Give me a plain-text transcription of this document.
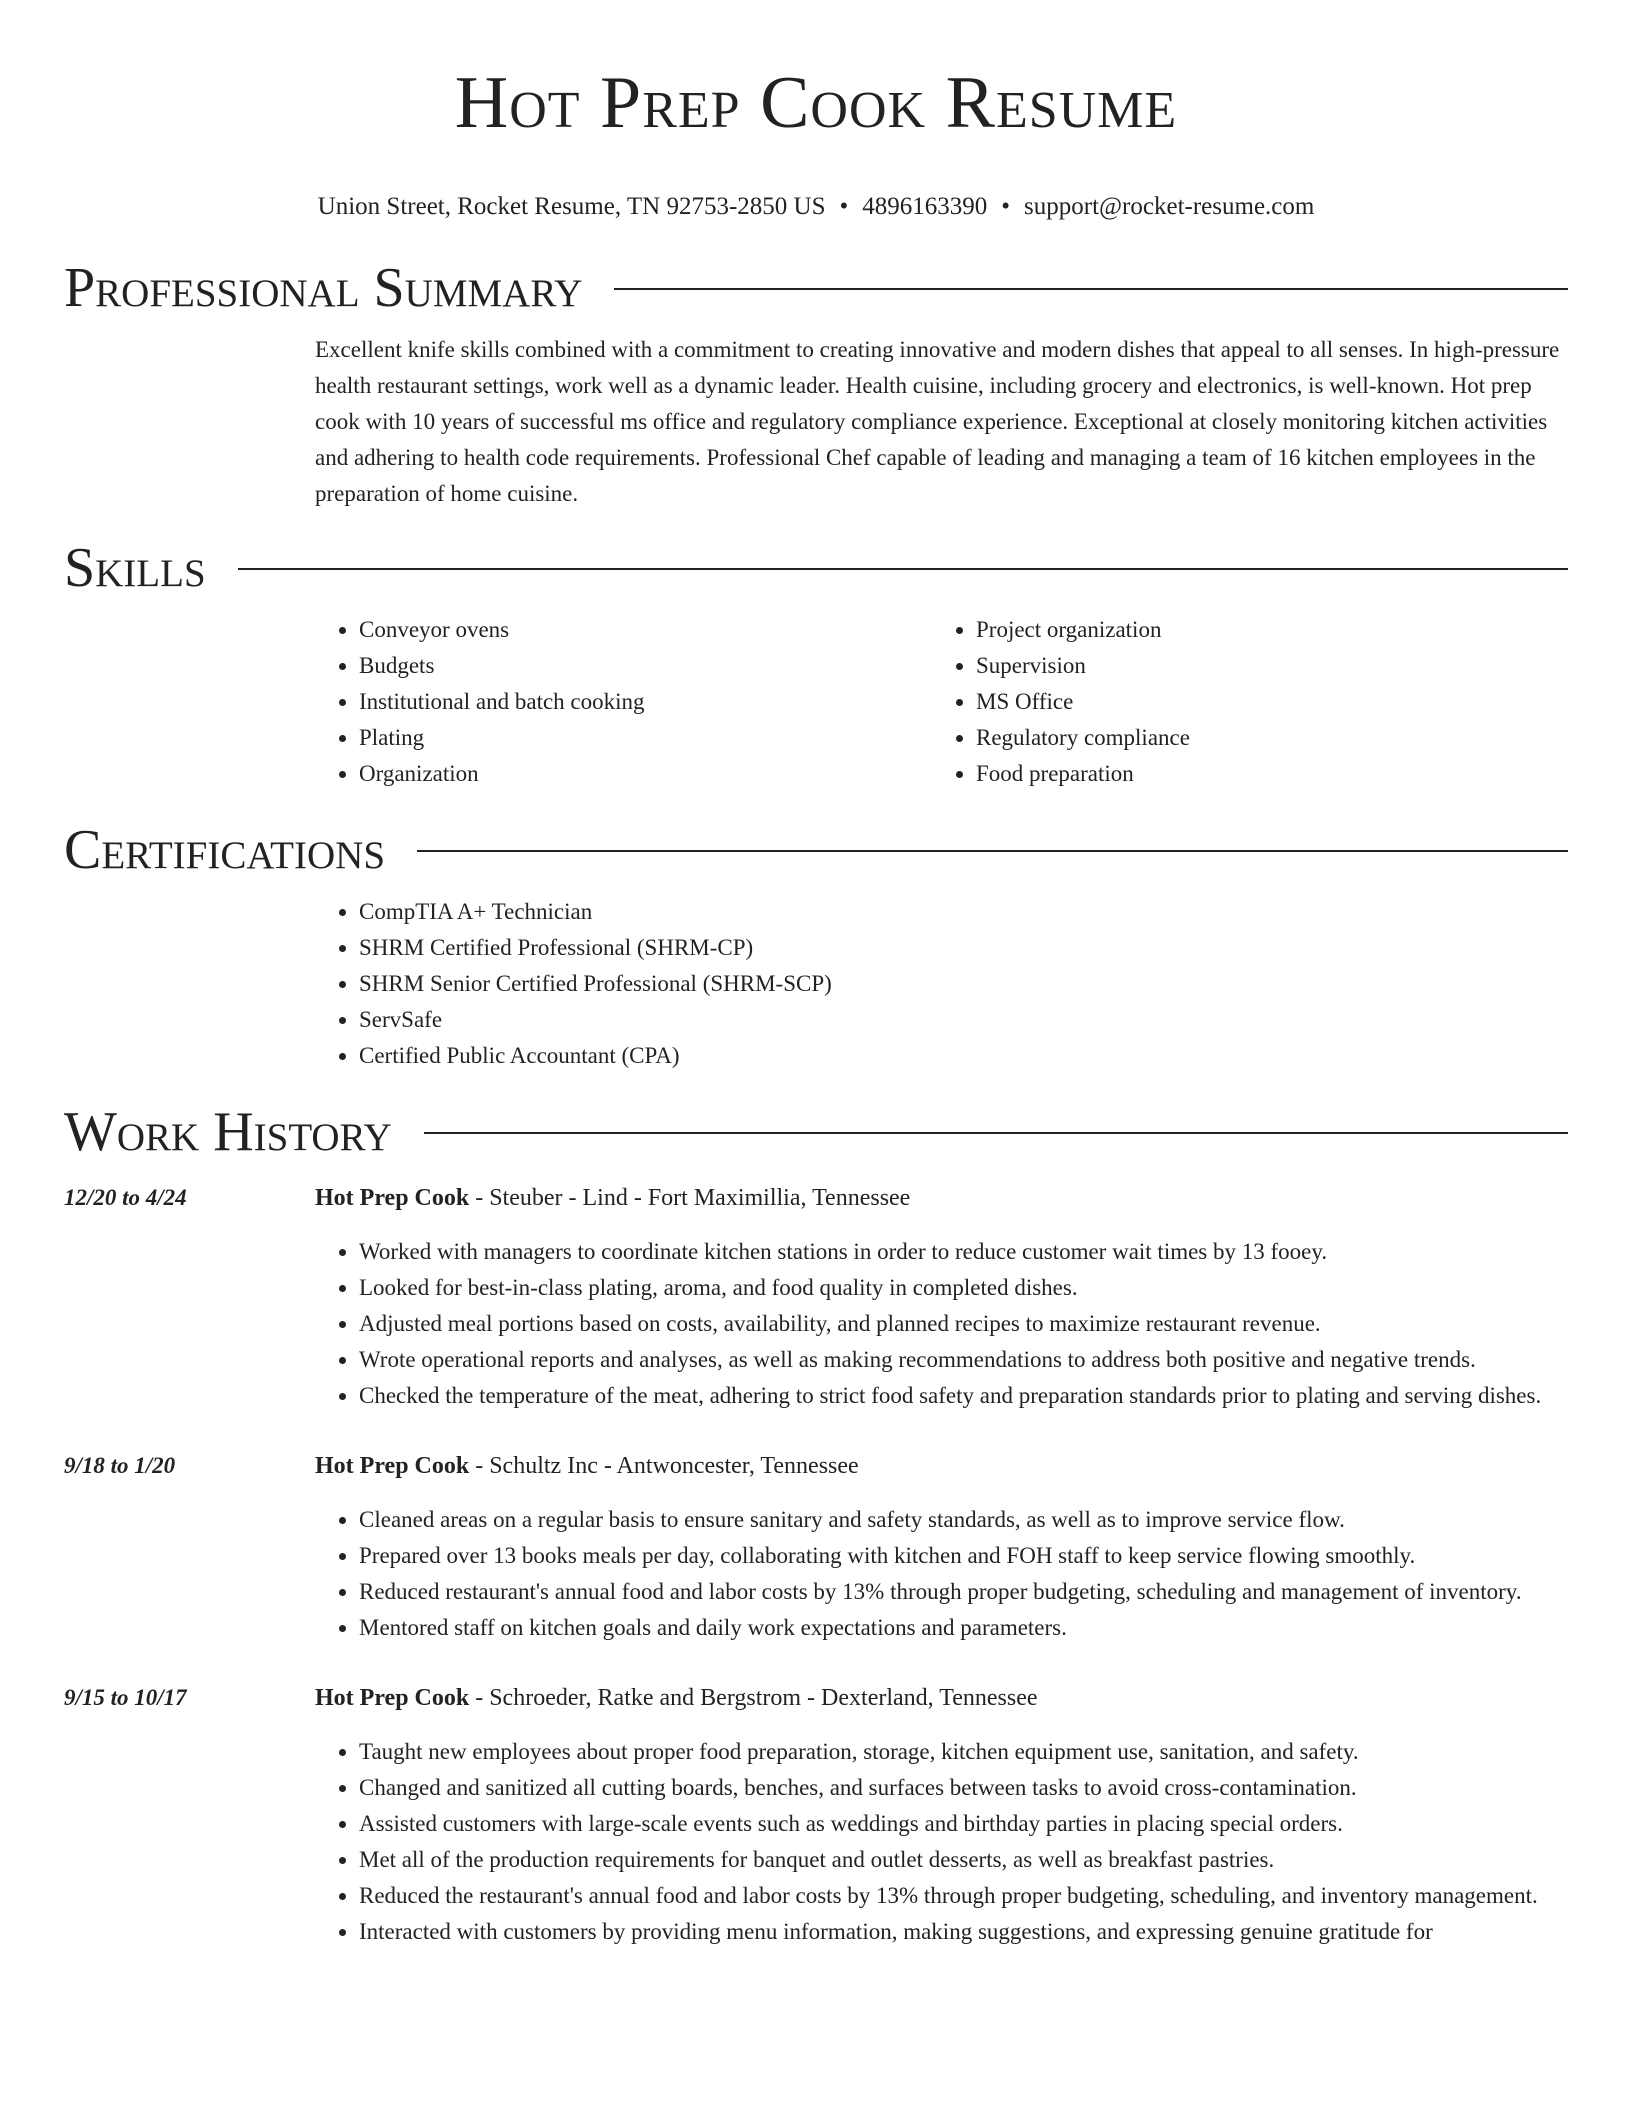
Hot Prep Cook Resume
Union Street, Rocket Resume, TN 92753-2850 US • 4896163390 • support@rocket-resume.com
Professional Summary

Excellent knife skills combined with a commitment to creating innovative and modern dishes that appeal to all senses. In high-pressure health restaurant settings, work well as a dynamic leader. Health cuisine, including grocery and electronics, is well-known. Hot prep cook with 10 years of successful ms office and regulatory compliance experience. Exceptional at closely monitoring kitchen activities and adhering to health code requirements. Professional Chef capable of leading and managing a team of 16 kitchen employees in the preparation of home cuisine.

Skills
• Conveyor ovens
• Budgets
• Institutional and batch cooking
• Plating
• Organization
• Project organization
• Supervision
• MS Office
• Regulatory compliance
• Food preparation
Certifications
• CompTIA A+ Technician
• SHRM Certified Professional (SHRM-CP)
• SHRM Senior Certified Professional (SHRM-SCP)
• ServSafe
• Certified Public Accountant (CPA)
Work History
12/20 to 4/24	Hot Prep Cook - Steuber - Lind - Fort Maximillia, Tennessee
• Worked with managers to coordinate kitchen stations in order to reduce customer wait times by 13 fooey.
• Looked for best-in-class plating, aroma, and food quality in completed dishes.
• Adjusted meal portions based on costs, availability, and planned recipes to maximize restaurant revenue.
• Wrote operational reports and analyses, as well as making recommendations to address both positive and negative trends.
• Checked the temperature of the meat, adhering to strict food safety and preparation standards prior to plating and serving dishes.
9/18 to 1/20	Hot Prep Cook - Schultz Inc - Antwoncester, Tennessee
• Cleaned areas on a regular basis to ensure sanitary and safety standards, as well as to improve service flow.
• Prepared over 13 books meals per day, collaborating with kitchen and FOH staff to keep service flowing smoothly.
• Reduced restaurant's annual food and labor costs by 13% through proper budgeting, scheduling and management of inventory.
• Mentored staff on kitchen goals and daily work expectations and parameters.
9/15 to 10/17	Hot Prep Cook - Schroeder, Ratke and Bergstrom - Dexterland, Tennessee
• Taught new employees about proper food preparation, storage, kitchen equipment use, sanitation, and safety.
• Changed and sanitized all cutting boards, benches, and surfaces between tasks to avoid cross-contamination.
• Assisted customers with large-scale events such as weddings and birthday parties in placing special orders.
• Met all of the production requirements for banquet and outlet desserts, as well as breakfast pastries.
• Reduced the restaurant's annual food and labor costs by 13% through proper budgeting, scheduling, and inventory management.
• Interacted with customers by providing menu information, making suggestions, and expressing genuine gratitude for
